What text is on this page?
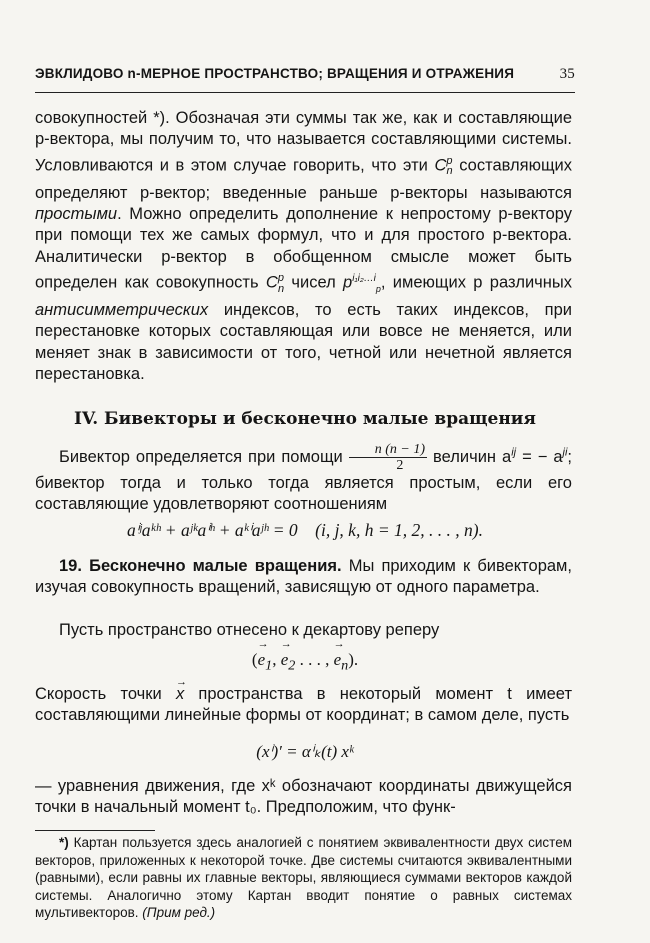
ЭВКЛИДОВО n-МЕРНОЕ ПРОСТРАНСТВО; ВРАЩЕНИЯ И ОТРАЖЕНИЯ	35
совокупностей *). Обозначая эти суммы так же, как и составляющие p-вектора, мы получим то, что называется составляющими системы. Условливаются и в этом случае говорить, что эти $C^p_n$ составляющих определяют p-вектор; введенные раньше p-векторы называются простыми. Можно определить дополнение к непростому p-вектору при помощи тех же самых формул, что и для простого p-вектора. Аналитически p-вектор в обобщенном смысле может быть определен как совокупность $C^p_n$ чисел $p^{i_1i_2\dots i}_p$, имеющих p различных антисимметрических индексов, то есть таких индексов, при перестановке которых составляющая или вовсе не меняется, или меняет знак в зависимости от того, четной или нечетной является перестановка.
IV. Бивекторы и бесконечно малые вращения
Бивектор определяется при помощи $\frac{n (n - 1)}{2}$ величин $a^{ij}$ = − $a^{ji}$; бивектор тогда и только тогда является простым, если его составляющие удовлетворяют соотношениям
aⁱʲaᵏʰ + aʲᵏaⁱʰ + aᵏⁱaʲʰ = 0 (i, j, k, h = 1, 2, . . . , n).
19. Бесконечно малые вращения. Мы приходим к бивекторам, изучая совокупность вращений, зависящую от одного параметра.
Пусть пространство отнесено к декартову реперу
(→ $e_1$, → $e_2$ . . . , → $e_n$).
Скорость точки → x пространства в некоторый момент t имеет составляющими линейные формы от координат; в самом деле, пусть
(xⁱ)′ = αⁱₖ(t) xᵏ
— уравнения движения, где xᵏ обозначают координаты движущейся точки в начальный момент t₀. Предположим, что функ-
*) Картан пользуется здесь аналогией с понятием эквивалентности двух систем векторов, приложенных к некоторой точке. Две системы считаются эквивалентными (равными), если равны их главные векторы, являющиеся суммами векторов каждой системы. Аналогично этому Картан вводит понятие о равных системах мультивекторов. (Прим ред.)
